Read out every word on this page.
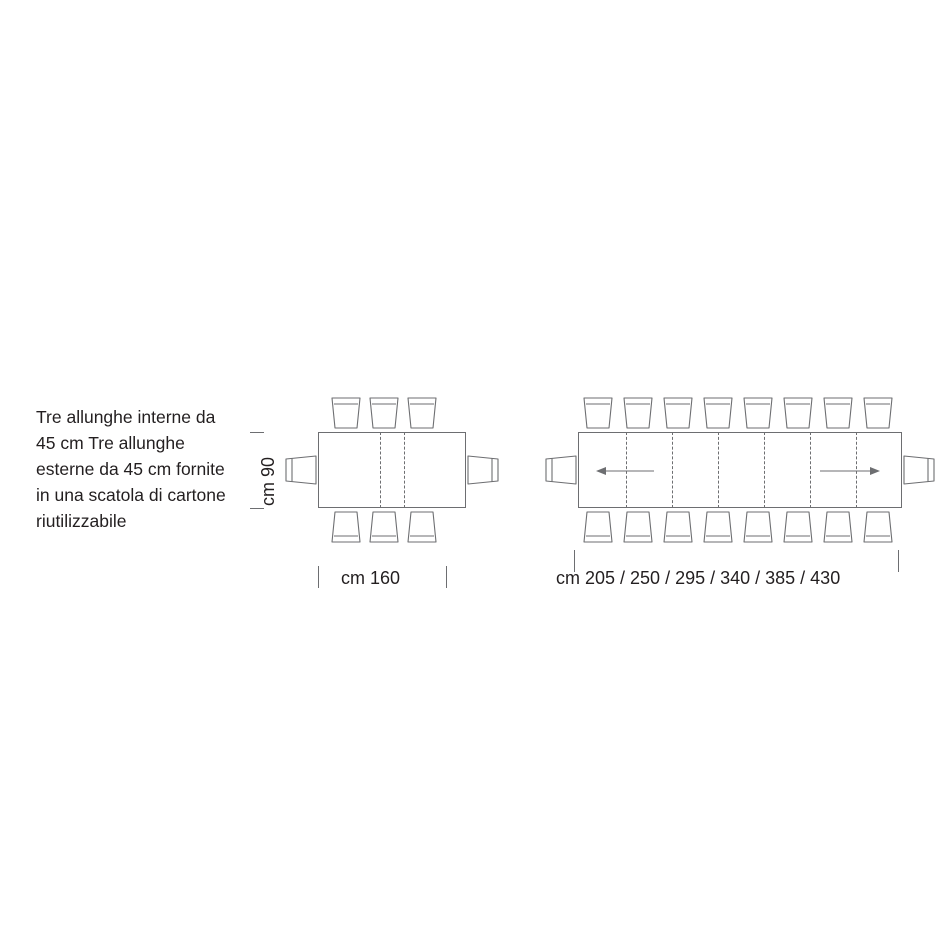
Tre allunghe interne da 45 cm Tre allunghe esterne da 45 cm fornite in una scatola di cartone riutilizzabile
cm 90
cm 160	cm 205 / 250 / 295 / 340 / 385 / 430
